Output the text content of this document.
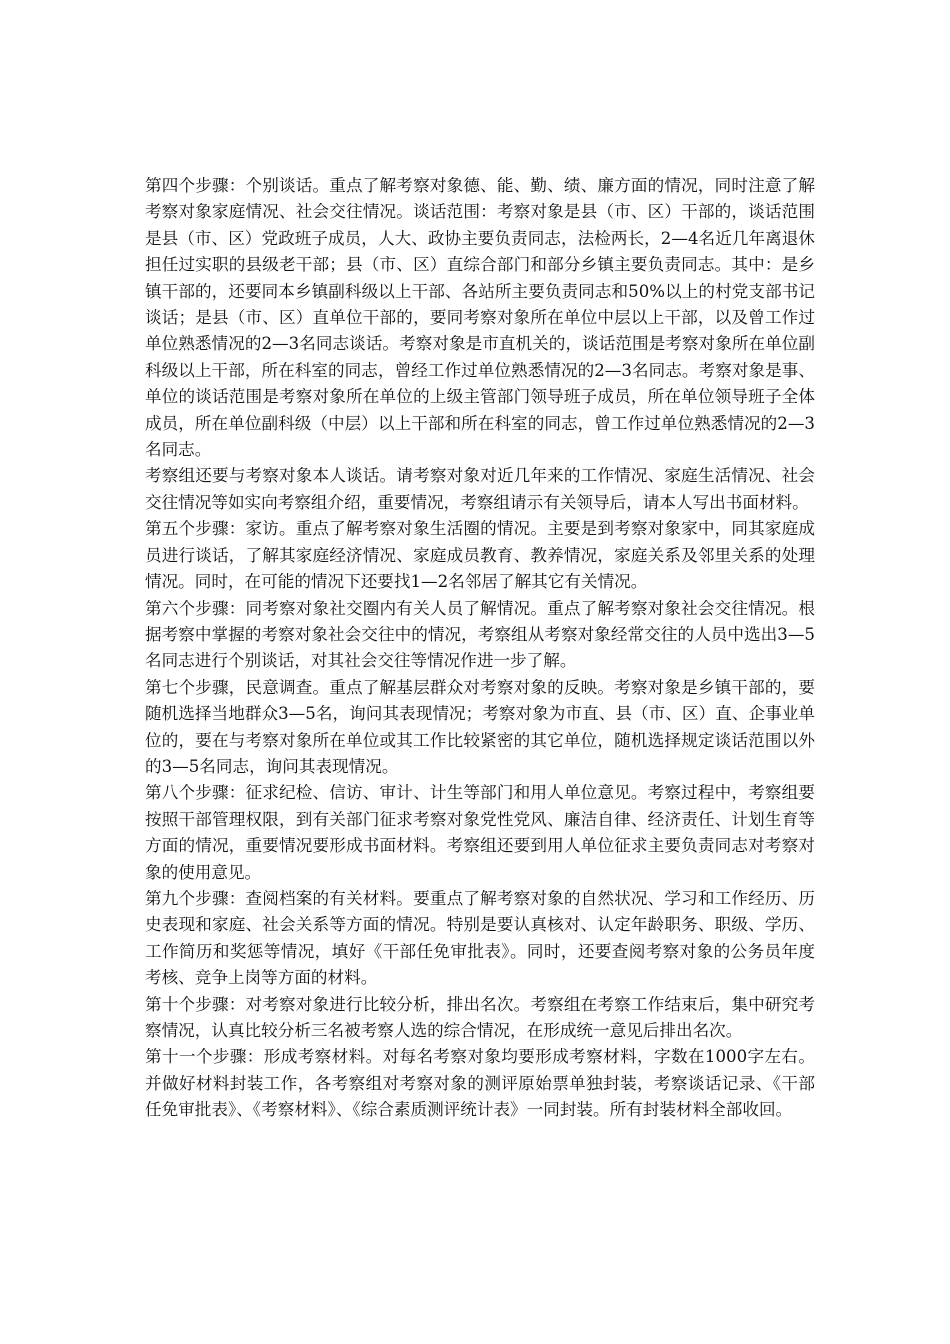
第四个步骤：个别谈话。重点了解考察对象德、能、勤、绩、廉方面的情况，同时注意了解考察对象家庭情况、社会交往情况。谈话范围：考察对象是县（市、区）干部的，谈话范围是县（市、区）党政班子成员，人大、政协主要负责同志，法检两长，2—4名近几年离退休担任过实职的县级老干部；县（市、区）直综合部门和部分乡镇主要负责同志。其中：是乡镇干部的，还要同本乡镇副科级以上干部、各站所主要负责同志和50%以上的村党支部书记谈话；是县（市、区）直单位干部的，要同考察对象所在单位中层以上干部，以及曾工作过单位熟悉情况的2—3名同志谈话。考察对象是市直机关的，谈话范围是考察对象所在单位副科级以上干部，所在科室的同志，曾经工作过单位熟悉情况的2—3名同志。考察对象是事、单位的谈话范围是考察对象所在单位的上级主管部门领导班子成员，所在单位领导班子全体成员，所在单位副科级（中层）以上干部和所在科室的同志，曾工作过单位熟悉情况的2—3名同志。

考察组还要与考察对象本人谈话。请考察对象对近几年来的工作情况、家庭生活情况、社会交往情况等如实向考察组介绍，重要情况，考察组请示有关领导后，请本人写出书面材料。

第五个步骤：家访。重点了解考察对象生活圈的情况。主要是到考察对象家中，同其家庭成员进行谈话，了解其家庭经济情况、家庭成员教育、教养情况，家庭关系及邻里关系的处理情况。同时，在可能的情况下还要找1—2名邻居了解其它有关情况。

第六个步骤：同考察对象社交圈内有关人员了解情况。重点了解考察对象社会交往情况。根据考察中掌握的考察对象社会交往中的情况，考察组从考察对象经常交往的人员中选出3—5名同志进行个别谈话，对其社会交往等情况作进一步了解。

第七个步骤，民意调查。重点了解基层群众对考察对象的反映。考察对象是乡镇干部的，要随机选择当地群众3—5名，询问其表现情况；考察对象为市直、县（市、区）直、企事业单位的，要在与考察对象所在单位或其工作比较紧密的其它单位，随机选择规定谈话范围以外的3—5名同志，询问其表现情况。

第八个步骤：征求纪检、信访、审计、计生等部门和用人单位意见。考察过程中，考察组要按照干部管理权限，到有关部门征求考察对象党性党风、廉洁自律、经济责任、计划生育等方面的情况，重要情况要形成书面材料。考察组还要到用人单位征求主要负责同志对考察对象的使用意见。

第九个步骤：查阅档案的有关材料。要重点了解考察对象的自然状况、学习和工作经历、历史表现和家庭、社会关系等方面的情况。特别是要认真核对、认定年龄职务、职级、学历、工作简历和奖惩等情况，填好《干部任免审批表》。同时，还要查阅考察对象的公务员年度考核、竞争上岗等方面的材料。

第十个步骤：对考察对象进行比较分析，排出名次。考察组在考察工作结束后，集中研究考察情况，认真比较分析三名被考察人选的综合情况，在形成统一意见后排出名次。

第十一个步骤：形成考察材料。对每名考察对象均要形成考察材料，字数在1000字左右。并做好材料封装工作，各考察组对考察对象的测评原始票单独封装，考察谈话记录、《干部任免审批表》、《考察材料》、《综合素质测评统计表》一同封装。所有封装材料全部收回。
